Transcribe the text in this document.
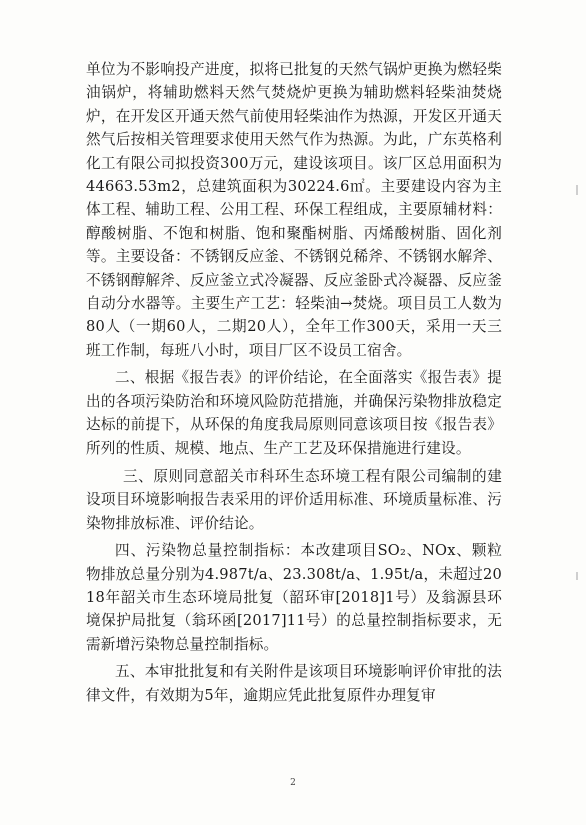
单位为不影响投产进度，拟将已批复的天然气锅炉更换为燃轻柴油锅炉，将辅助燃料天然气焚烧炉更换为辅助燃料轻柴油焚烧炉，在开发区开通天然气前使用轻柴油作为热源，开发区开通天然气后按相关管理要求使用天然气作为热源。为此，广东英格利化工有限公司拟投资300万元，建设该项目。该厂区总用面积为44663.53m2，总建筑面积为30224.6㎡。主要建设内容为主体工程、辅助工程、公用工程、环保工程组成，主要原辅材料：醇酸树脂、不饱和树脂、饱和聚酯树脂、丙烯酸树脂、固化剂等。主要设备：不锈钢反应釜、不锈钢兑稀斧、不锈钢水解斧、不锈钢醇解斧、反应釜立式冷凝器、反应釜卧式冷凝器、反应釜自动分水器等。主要生产工艺：轻柴油→焚烧。项目员工人数为80人（一期60人，二期20人），全年工作300天，采用一天三班工作制，每班八小时，项目厂区不设员工宿舍。

二、根据《报告表》的评价结论，在全面落实《报告表》提出的各项污染防治和环境风险防范措施，并确保污染物排放稳定达标的前提下，从环保的角度我局原则同意该项目按《报告表》所列的性质、规模、地点、生产工艺及环保措施进行建设。

三、原则同意韶关市科环生态环境工程有限公司编制的建设项目环境影响报告表采用的评价适用标准、环境质量标准、污染物排放标准、评价结论。

四、污染物总量控制指标：本改建项目SO₂、NOx、颗粒物排放总量分别为4.987t/a、23.308t/a、1.95t/a，未超过2018年韶关市生态环境局批复（韶环审[2018]1号）及翁源县环境保护局批复（翁环函[2017]11号）的总量控制指标要求，无需新增污染物总量控制指标。

五、本审批批复和有关附件是该项目环境影响评价审批的法律文件，有效期为5年，逾期应凭此批复原件办理复审

2
